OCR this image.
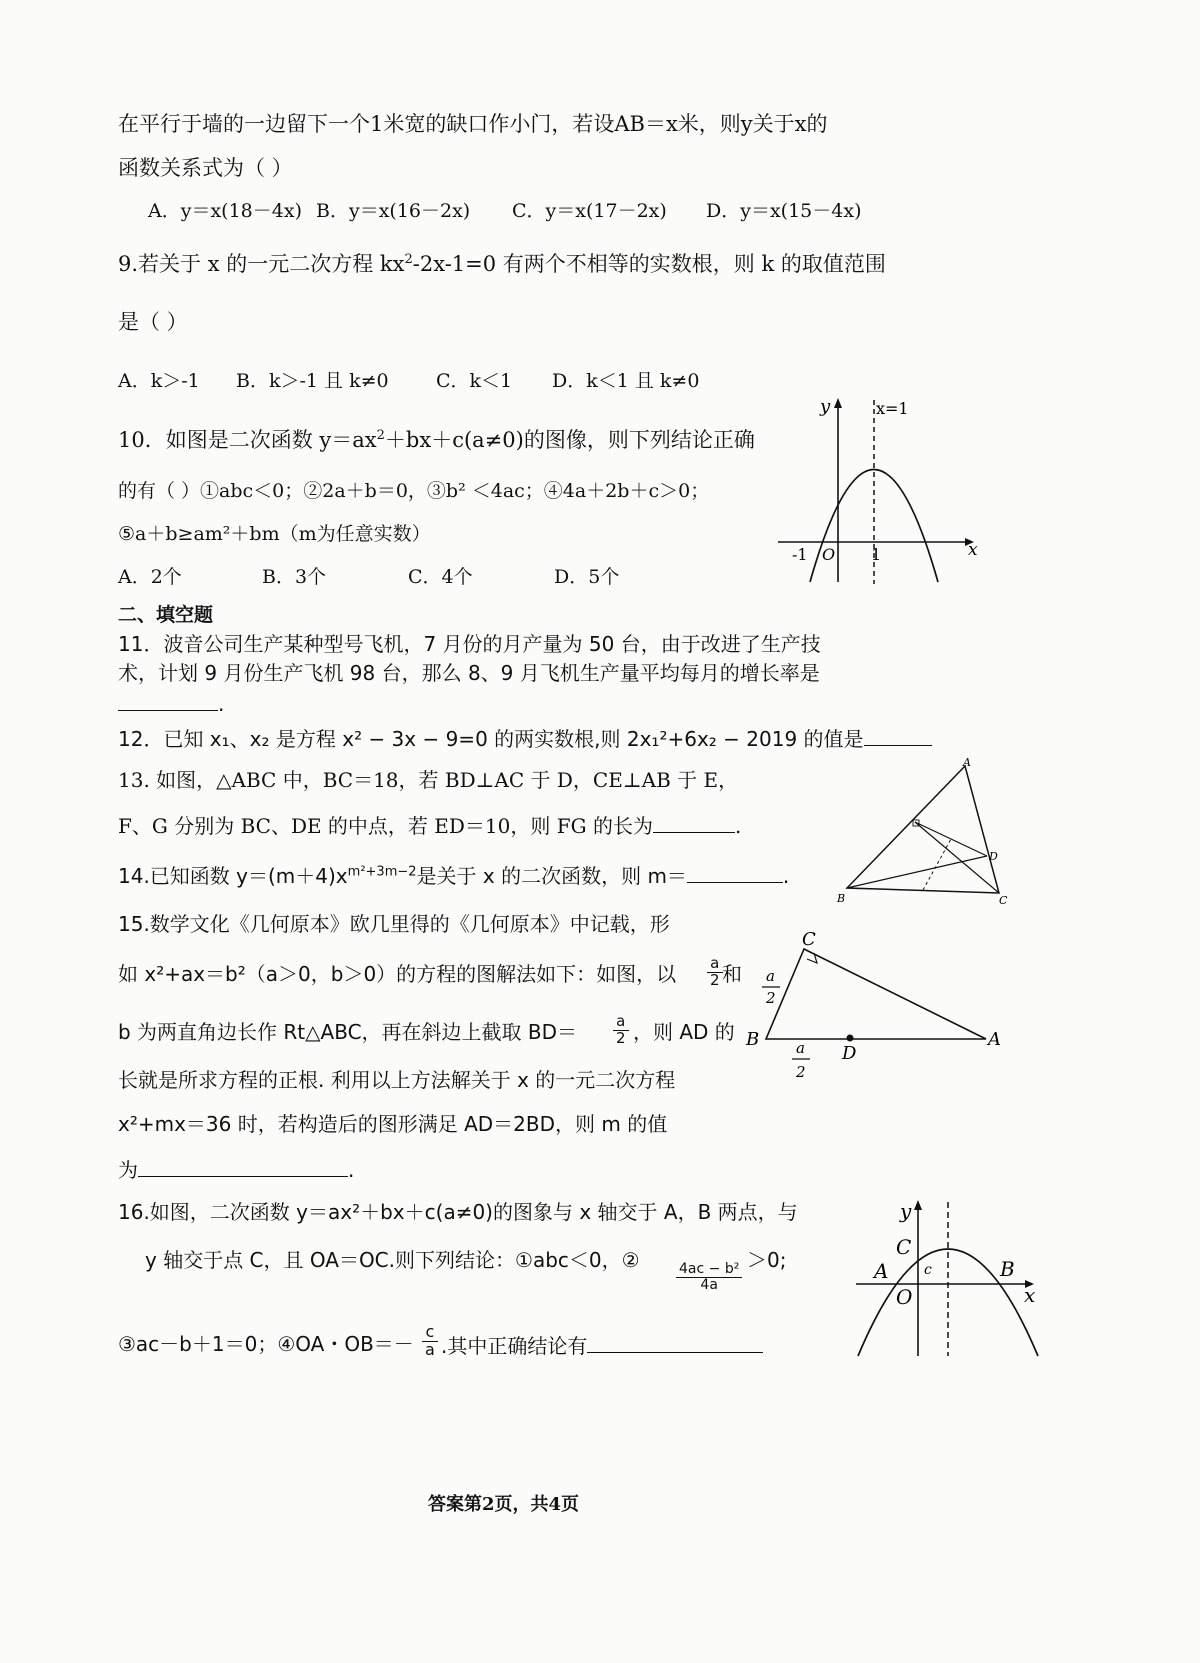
在平行于墙的一边留下一个1米宽的缺口作小门，若设AB＝x米，则y关于x的
函数关系式为（ ）
A．y＝x(18－4x) B．y＝x(16－2x) C．y＝x(17－2x) D．y＝x(15－4x)
9.若关于 x 的一元二次方程 $kx^2-2x-1=0$ 有两个不相等的实数根，则 k 的取值范围
是（ ）
A．k＞-1 B．k＞-1 且 k≠0 C．k＜1 D．k＜1 且 k≠0
10．如图是二次函数 $y=ax^2+bx+c(a\ne 0)$的图像，则下列结论正确
的有（ ）①abc＜0；②2a＋b＝0，③b² ＜4ac；④4a＋2b＋c＞0；
⑤a＋b≥am²＋bm（m为任意实数）
A．2个	B．3个	C．4个	D．5个
y	x=1
-1 O 1	x
二、填空题
11．波音公司生产某种型号飞机，7 月份的月产量为 50 台，由于改进了生产技
术，计划 9 月份生产飞机 98 台，那么 8、9 月飞机生产量平均每月的增长率是
.
12．已知 x₁、x₂ 是方程 x² − 3x − 9=0 的两实数根,则 2x₁²+6x₂ − 2019 的值是
13. 如图，△ABC 中，BC＝18，若 BD⊥AC 于 D，CE⊥AB 于 E，
F、G 分别为 BC、DE 的中点，若 ED＝10，则 FG 的长为	.
A
B	C
D
14.已知函数 $y=(m+4)x^{m^2+3m-2}$是关于 x 的二次函数，则 m＝	.
15.数学文化《几何原本》欧几里得的《几何原本》中记载，形
如 x²+ax＝b²（a＞0，b＞0）的方程的图解法如下：如图，以 $\frac{a}{2}$ 和
b 为两直角边长作 Rt△ABC，再在斜边上截取 $BD= \frac{a}{2}$ ，则 AD 的
长就是所求方程的正根. 利用以上方法解关于 x 的一元二次方程
x²+mx＝36 时，若构造后的图形满足 AD＝2BD，则 m 的值
为	.
C
B	A
D
a
2
a
2
16.如图，二次函数 y＝ax²＋bx＋c(a≠0)的图象与 x 轴交于 A，B 两点，与
y 轴交于点 C，且 OA＝OC.则下列结论：①abc＜0，②
$\frac{\text{4ac − b²}}{4a}$
＞0;
③ac－b＋1＝0；④OA・$OB=- \frac{c}{a}$ .其中正确结论有
y
x
A	B
C
O
c
答案第2页，共4页
